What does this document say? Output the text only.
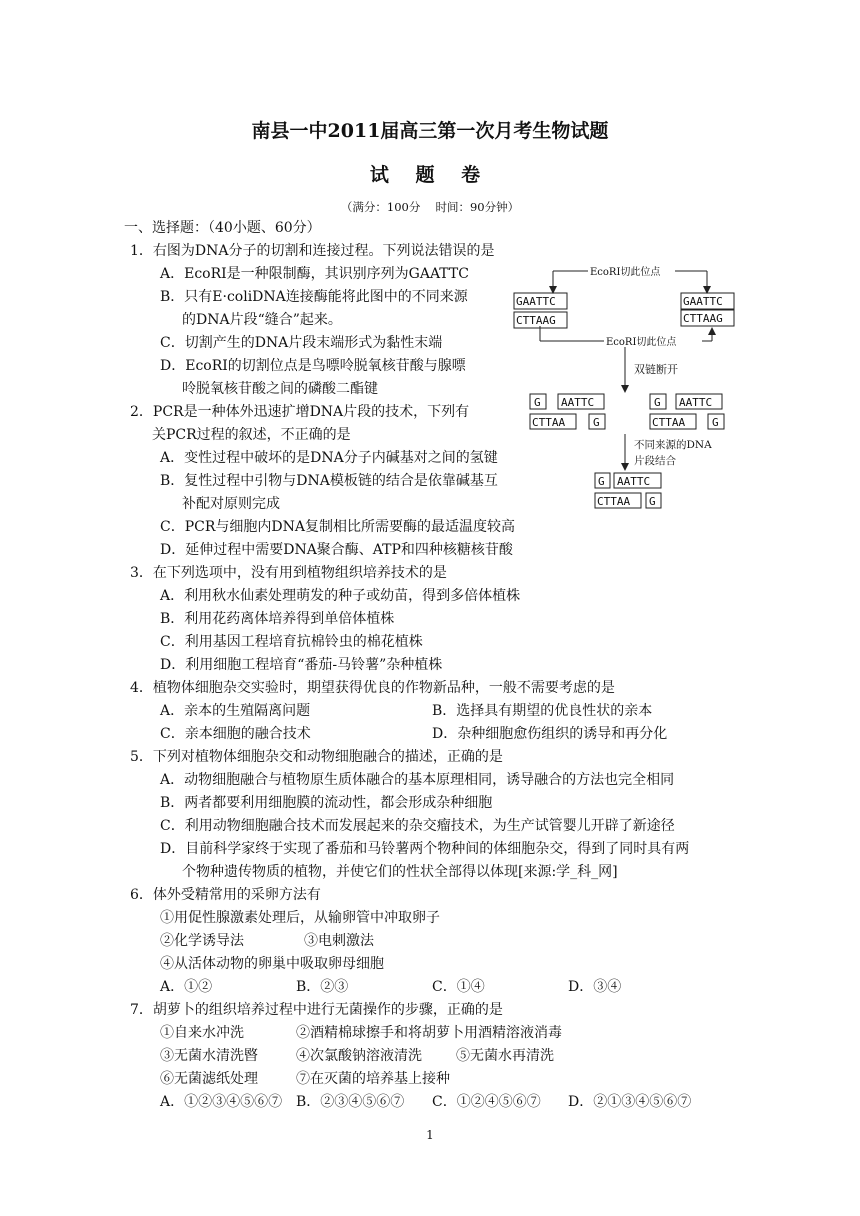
南县一中2011届高三第一次月考生物试题
试 题 卷
（满分：100分　 时间：90分钟）
一、选择题：（40小题、60分）
1．右图为DNA分子的切割和连接过程。下列说法错误的是
A．EcoRⅠ是一种限制酶，其识别序列为GAATTC
B．只有E·coliDNA连接酶能将此图中的不同来源
的DNA片段“缝合”起来。
C．切割产生的DNA片段末端形式为黏性末端
D．EcoRⅠ的切割位点是鸟嘌呤脱氧核苷酸与腺嘌
呤脱氧核苷酸之间的磷酸二酯键
2．PCR是一种体外迅速扩增DNA片段的技术，下列有
关PCR过程的叙述，不正确的是
A．变性过程中破坏的是DNA分子内碱基对之间的氢键
B．复性过程中引物与DNA模板链的结合是依靠碱基互
补配对原则完成
C．PCR与细胞内DNA复制相比所需要酶的最适温度较高
D．延伸过程中需要DNA聚合酶、ATP和四种核糖核苷酸
3．在下列选项中，没有用到植物组织培养技术的是
A．利用秋水仙素处理萌发的种子或幼苗，得到多倍体植株
B．利用花药离体培养得到单倍体植株
C．利用基因工程培育抗棉铃虫的棉花植株
D．利用细胞工程培育“番茄-马铃薯”杂种植株
4．植物体细胞杂交实验时，期望获得优良的作物新品种，一般不需要考虑的是
A．亲本的生殖隔离问题	B．选择具有期望的优良性状的亲本
C．亲本细胞的融合技术	D．杂种细胞愈伤组织的诱导和再分化
5．下列对植物体细胞杂交和动物细胞融合的描述，正确的是
A．动物细胞融合与植物原生质体融合的基本原理相同，诱导融合的方法也完全相同
B．两者都要利用细胞膜的流动性，都会形成杂种细胞
C．利用动物细胞融合技术而发展起来的杂交瘤技术，为生产试管婴儿开辟了新途径
D．目前科学家终于实现了番茄和马铃薯两个物种间的体细胞杂交，得到了同时具有两
个物种遗传物质的植物，并使它们的性状全部得以体现[来源:学_科_网]
6．体外受精常用的采卵方法有
①用促性腺激素处理后，从输卵管中冲取卵子
②化学诱导法	③电刺激法
④从活体动物的卵巢中吸取卵母细胞
A．①②	B．②③	C．①④	D．③④
7．胡萝卜的组织培养过程中进行无菌操作的步骤，正确的是
①自来水冲洗	②酒精棉球擦手和将胡萝卜用酒精溶液消毒
③无菌水清洗暋	④次氯酸钠溶液清洗 ⑤无菌水再清洗
⑥无菌滤纸处理	⑦在灭菌的培养基上接种
A．①②③④⑤⑥⑦ B．②③④⑤⑥⑦ C．①②④⑤⑥⑦ D．②①③④⑤⑥⑦
EcoRⅠ切此位点
EcoRⅠ切此位点
GAATTC
CTTAAG
GAATTC
CTTAAG
双链断开
G AATTC
CTTAA	G
G AATTC
CTTAA G
不同来源的DNA
片段结合
G AATTC
CTTAA G
1
